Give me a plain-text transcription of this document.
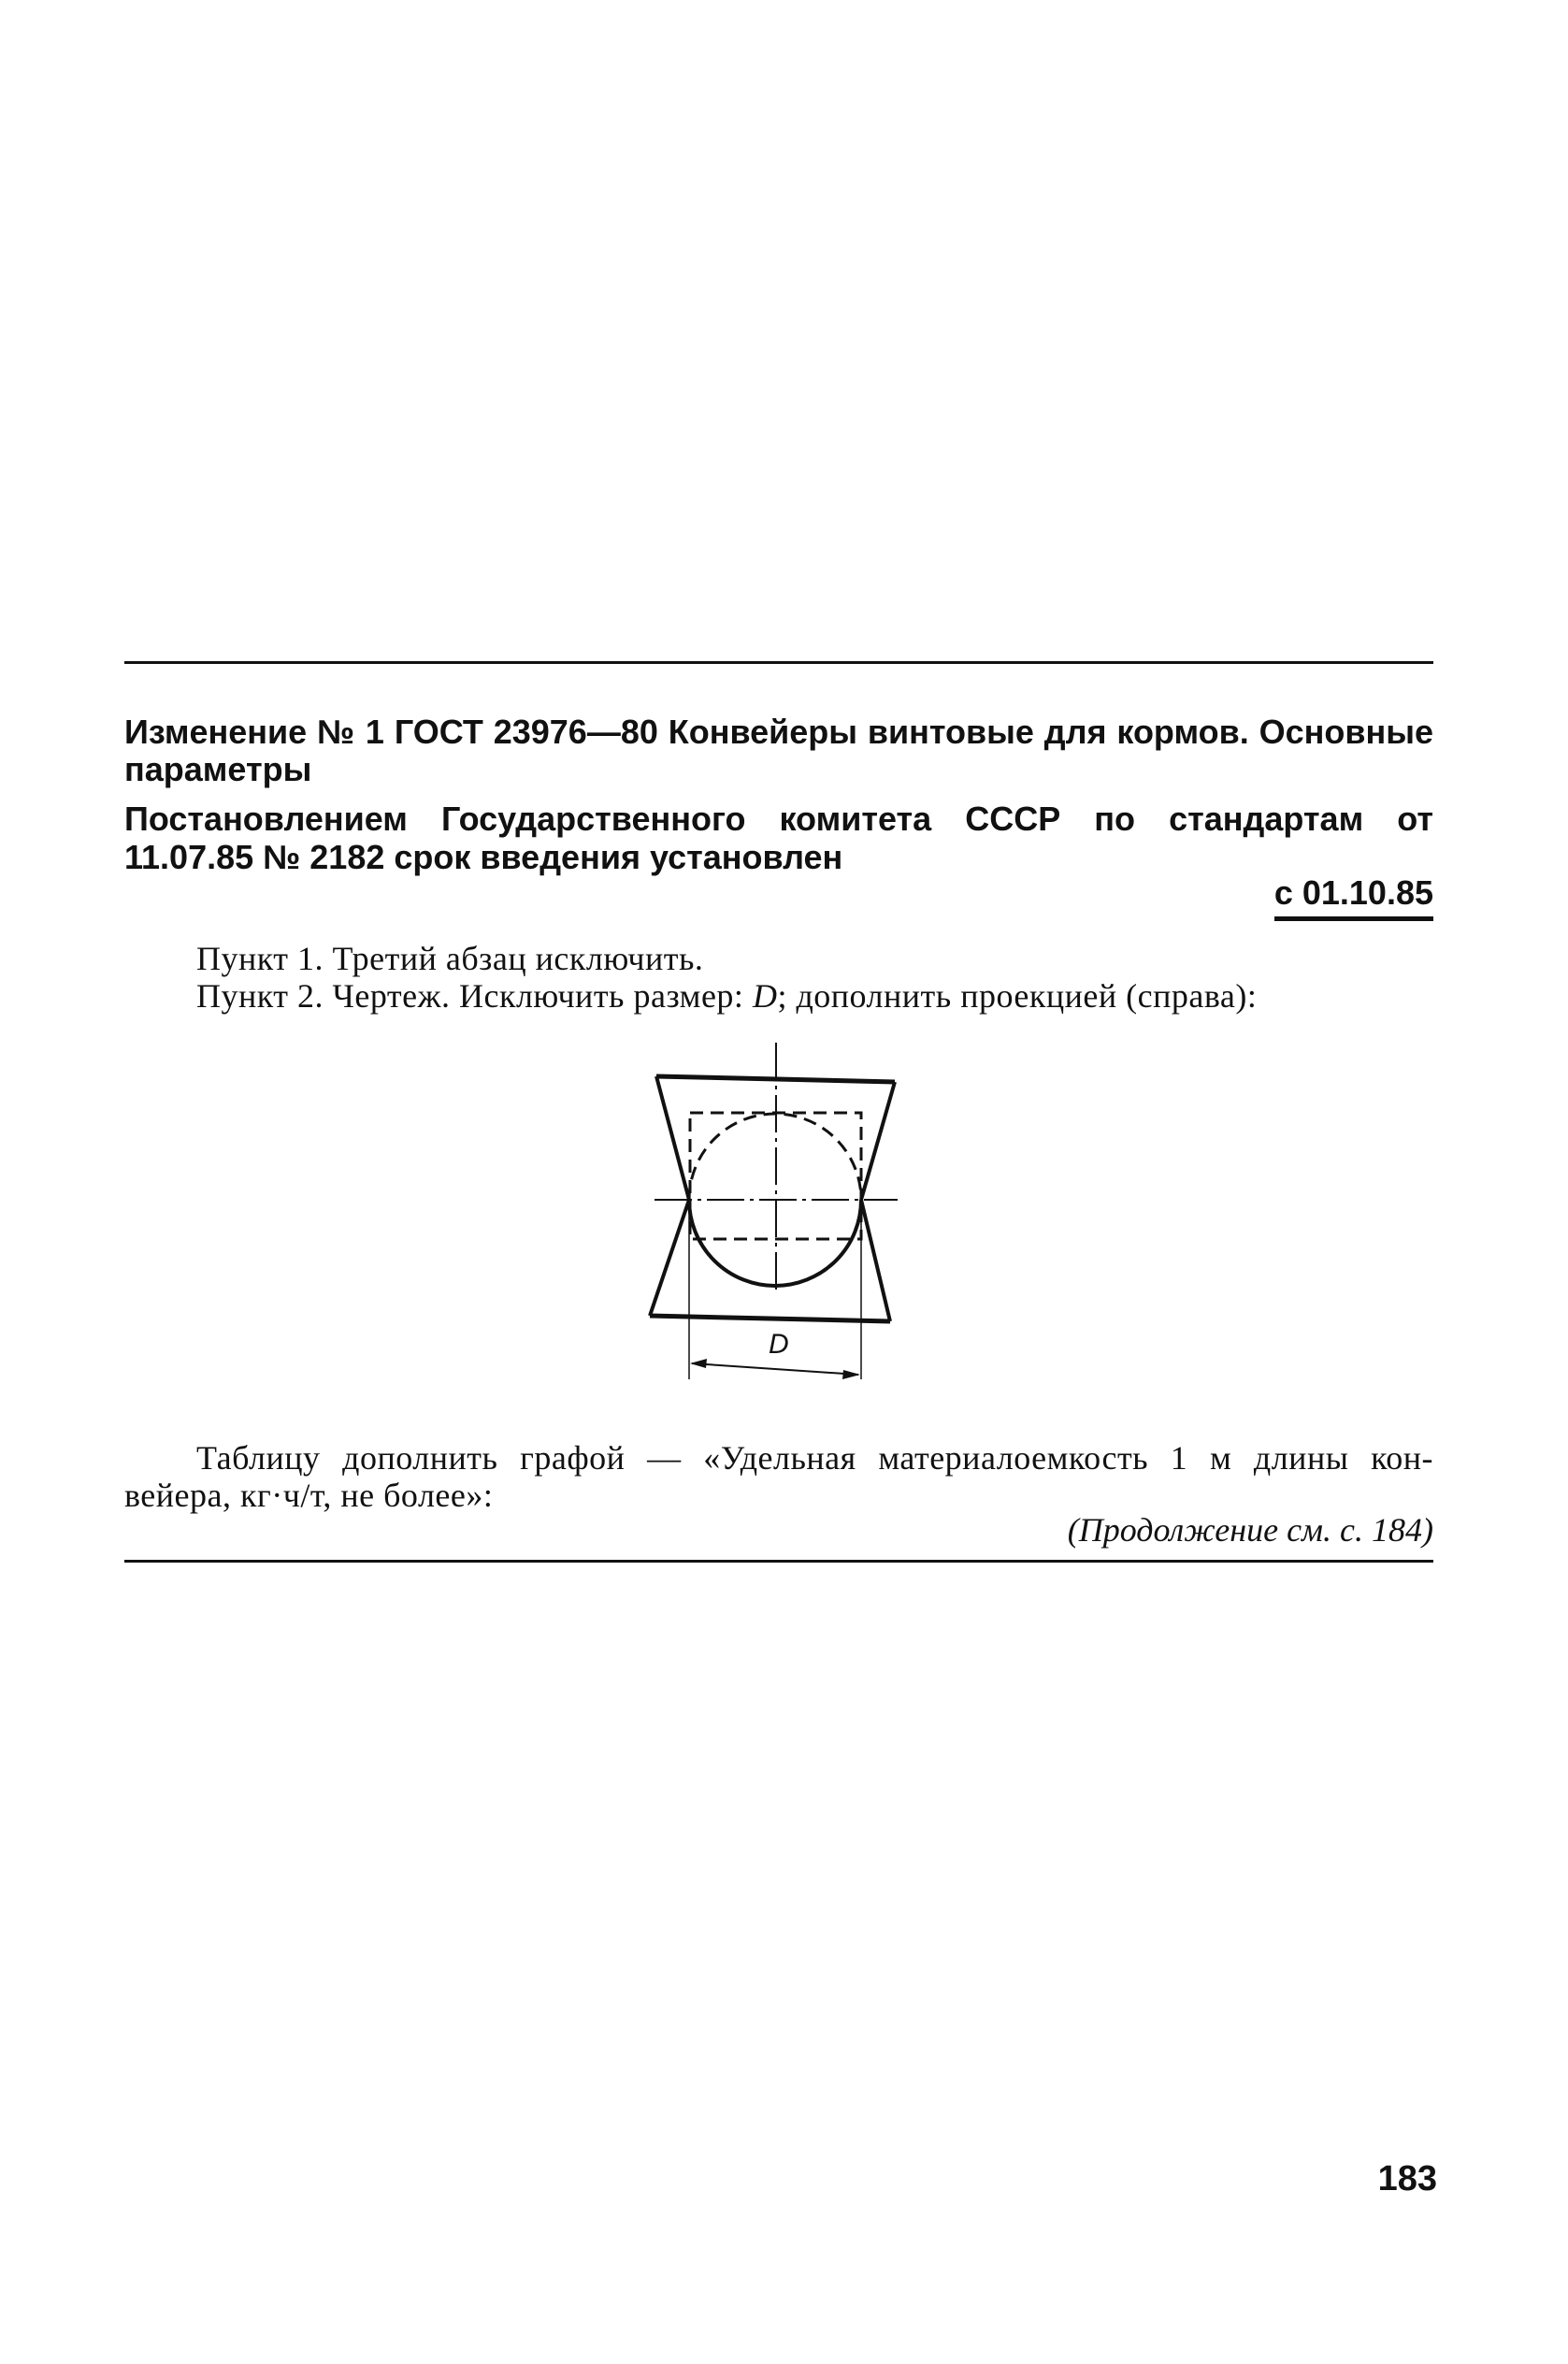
Изменение № 1 ГОСТ 23976—80 Конвейеры винтовые для кормов. Основные
параметры
Постановлением Государственного комитета СССР по стандартам от
11.07.85 № 2182 срок введения установлен
с 01.10.85
Пункт 1. Третий абзац исключить.
Пункт 2. Чертеж. Исключить размер: D; дополнить проекцией (справа):
D
Таблицу дополнить графой — «Удельная материалоемкость 1 м длины кон-
вейера, кг·ч/т, не более»:
(Продолжение см. с. 184)
183
